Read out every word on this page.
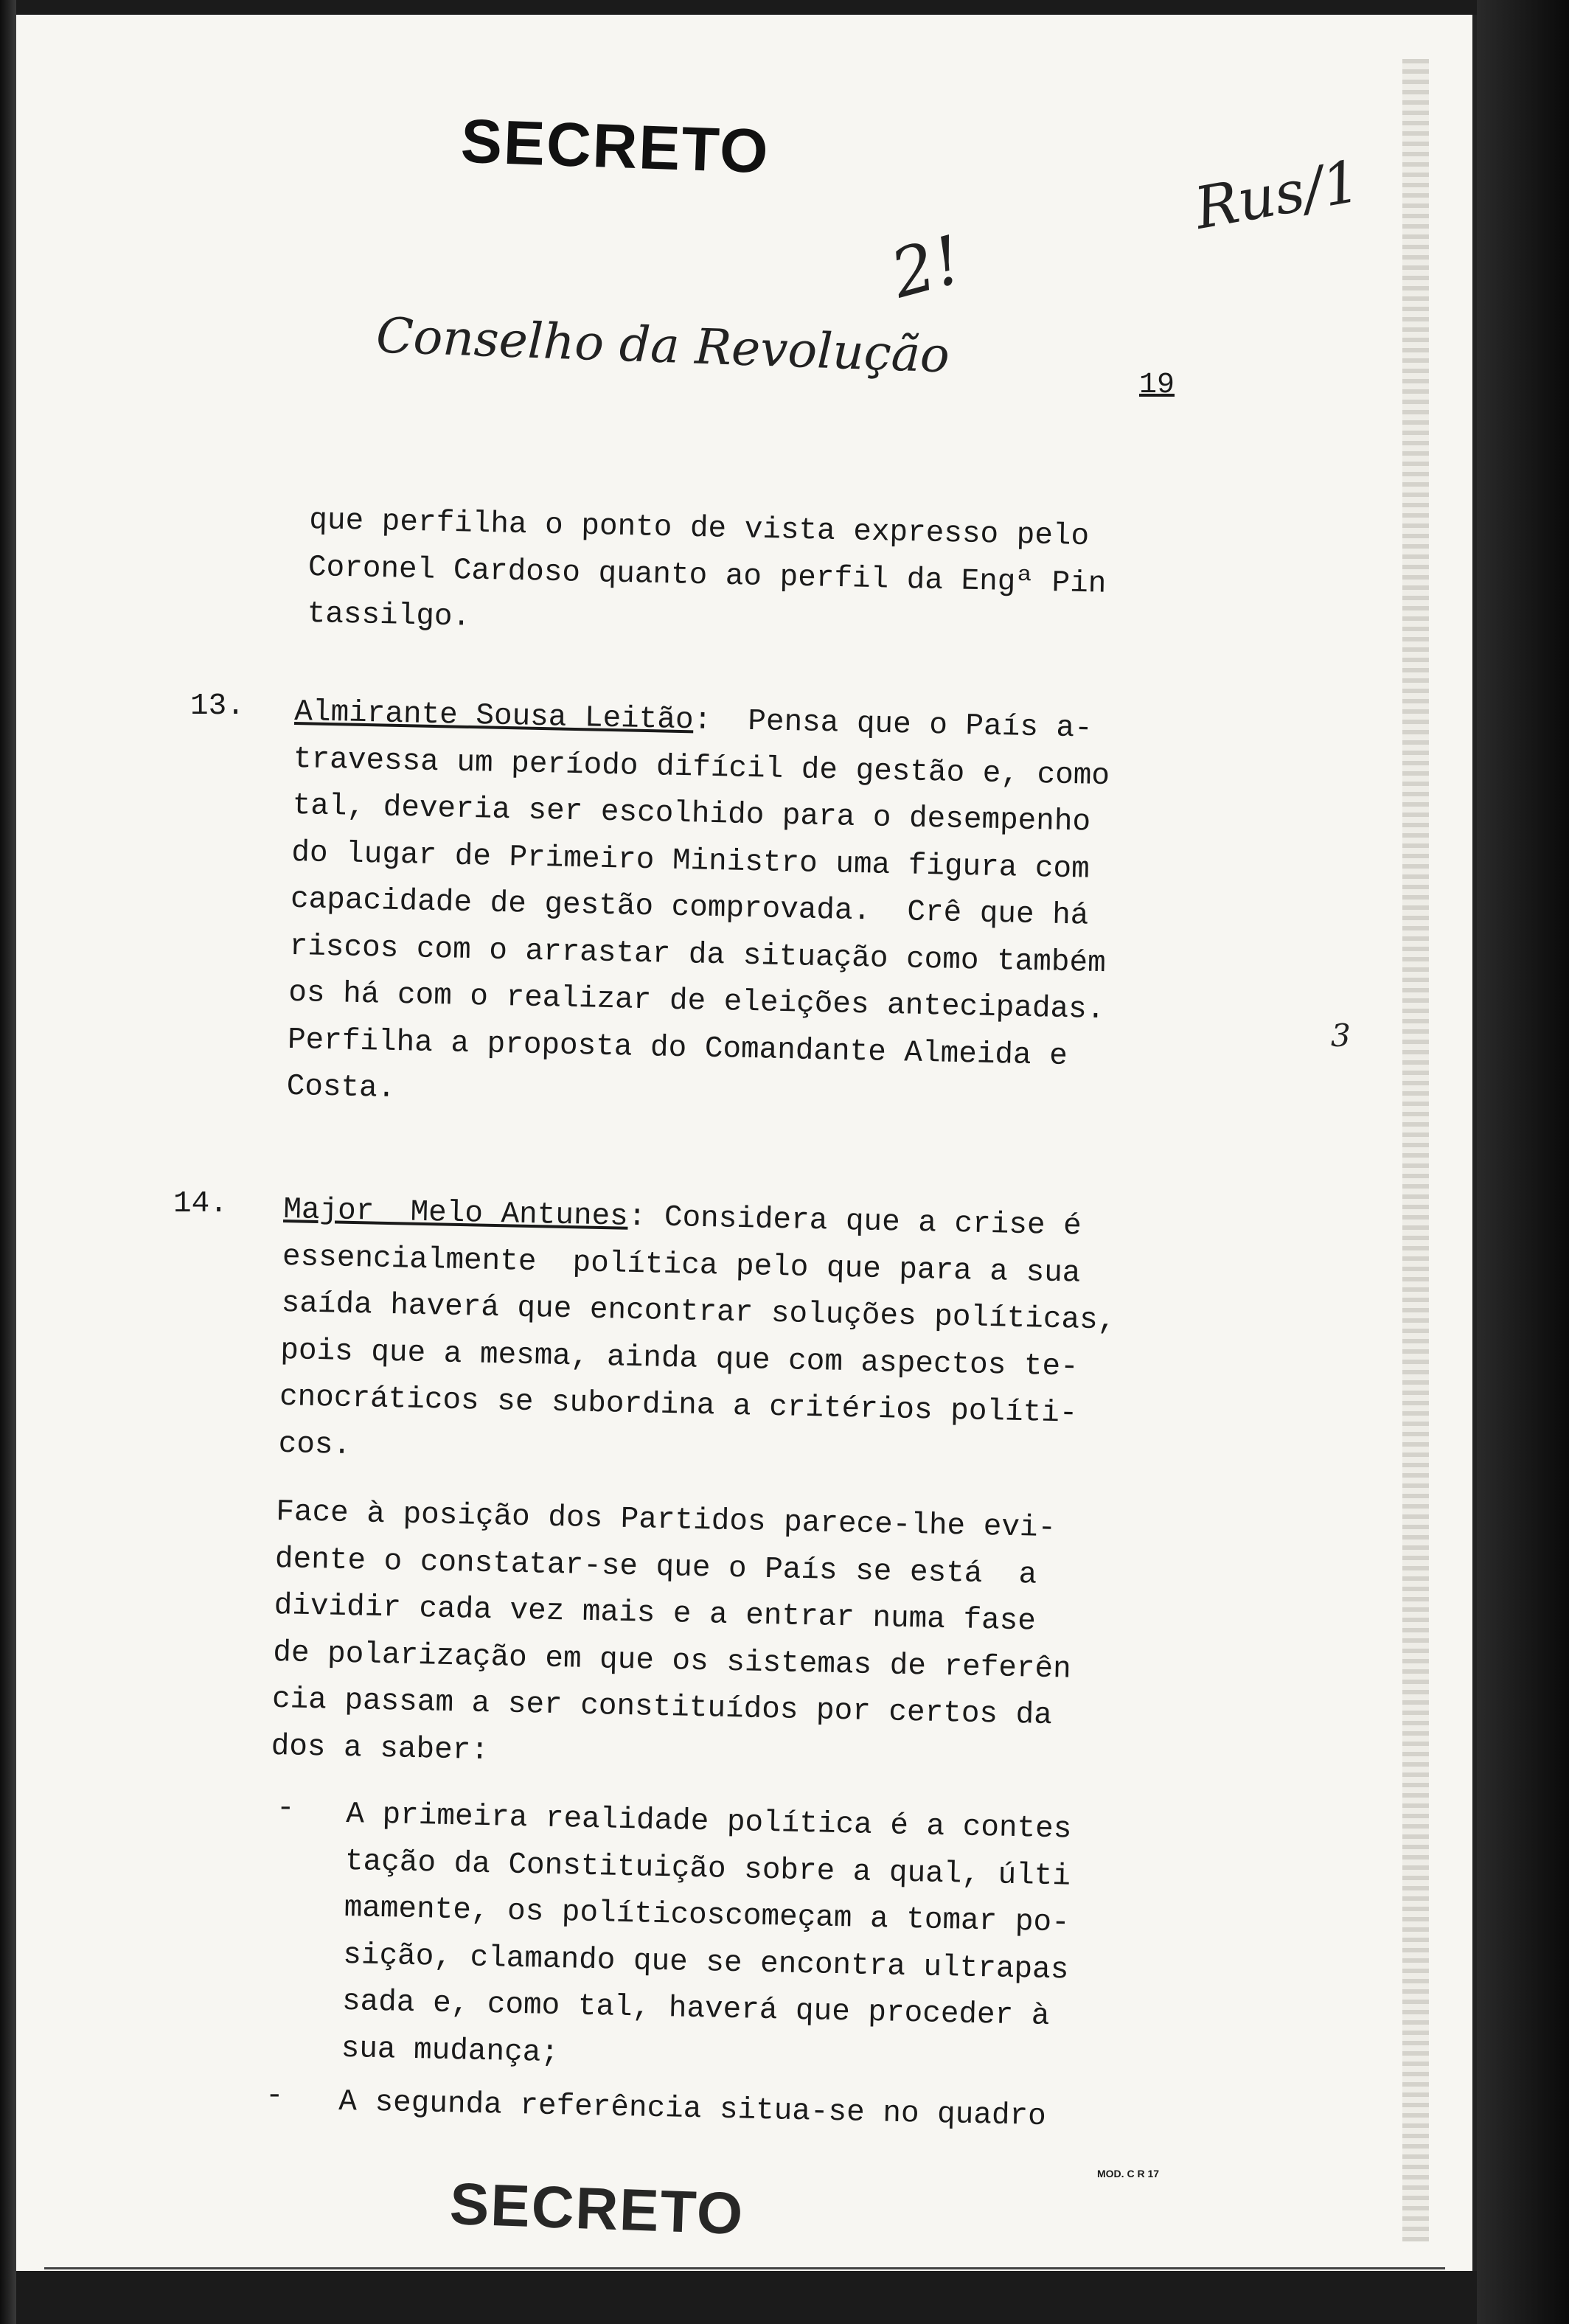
SECRETO
Rus/1
2!
Conselho da Revolução
19
que perfilha o ponto de vista expresso pelo
Coronel Cardoso quanto ao perfil da Engª Pin
tassilgo.
13. Almirante Sousa Leitão:  Pensa que o País a-
travessa um período difícil de gestão e, como
tal, deveria ser escolhido para o desempenho
do lugar de Primeiro Ministro uma figura com
capacidade de gestão comprovada.  Crê que há
riscos com o arrastar da situação como também
os há com o realizar de eleições antecipadas.
Perfilha a proposta do Comandante Almeida e
Costa.
3
14. Major  Melo Antunes: Considera que a crise é
essencialmente  política pelo que para a sua
saída haverá que encontrar soluções políticas,
pois que a mesma, ainda que com aspectos te-
cnocráticos se subordina a critérios políti-
cos.
Face à posição dos Partidos parece-lhe evi-
dente o constatar-se que o País se está  a
dividir cada vez mais e a entrar numa fase
de polarização em que os sistemas de referên
cia passam a ser constituídos por certos da
dos a saber:
- A primeira realidade política é a contes
tação da Constituição sobre a qual, últi
mamente, os políticoscomeçam a tomar po-
sição, clamando que se encontra ultrapas
sada e, como tal, haverá que proceder à
sua mudança;
- A segunda referência situa-se no quadro
MOD. C R 17
SECRETO
